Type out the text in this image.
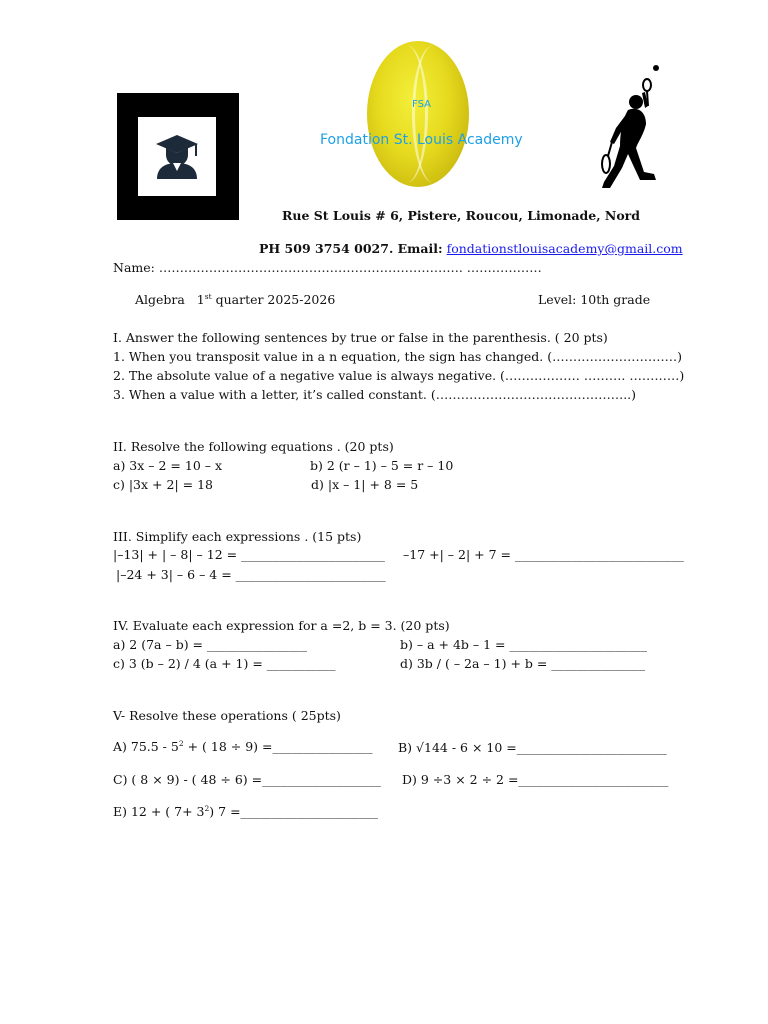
FSA
Fondation St. Louis Academy
Rue St Louis # 6, Pistere, Roucou, Limonade, Nord
PH 509 3754 0027. Email: fondationstlouisacademy@gmail.com
Name: ………………………………………………………………. ………………
Algebra 1st quarter 2025-2026	Level: 10th grade
I. Answer the following sentences by true or false in the parenthesis. ( 20 pts)
1. When you transposit value in a n equation, the sign has changed. (…………………………)
2. The absolute value of a negative value is always negative. (……………… ………. …………)
3. When a value with a letter, it’s called constant. (………………………………………..)
II. Resolve the following equations . (20 pts)
a) 3x – 2 = 10 – x	b) 2 (r – 1) – 5 = r – 10
c) |3x + 2| = 18	d) |x – 1| + 8 = 5
III. Simplify each expressions . (15 pts)
|–13| + | – 8| – 12 = _______________________ –17 +| – 2| + 7 = ___________________________
|–24 + 3| – 6 – 4 = ________________________
IV. Evaluate each expression for a =2, b = 3. (20 pts)
a) 2 (7a – b) = ________________	b) – a + 4b – 1 = ______________________
c) 3 (b – 2) / 4 (a + 1) = ___________	d) 3b / ( – 2a – 1) + b = _______________
V- Resolve these operations ( 25pts)
A) $75.5 - 5^2$ + ( 18 ÷ 9) =________________ B) √144 - 6 × 10 =________________________
C) ( 8 × 9) - ( 48 ÷ 6) =___________________ D) 9 ÷3 × 2 ÷ 2 =________________________
E) 12 + ( $7+ 3^2$) 7 =______________________
